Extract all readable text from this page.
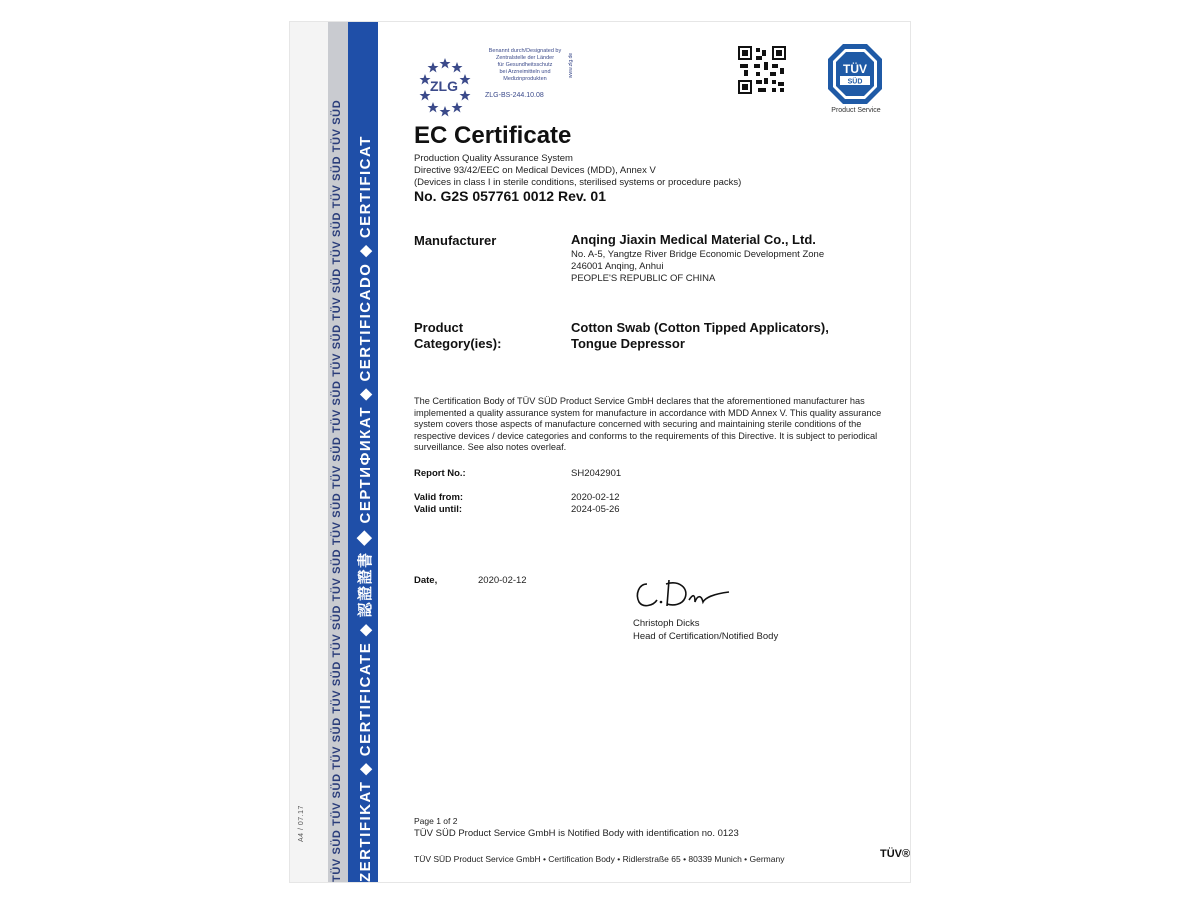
A4 / 07.17 TÜV SÜD TÜV SÜD TÜV SÜD TÜV SÜD TÜV SÜD TÜV SÜD TÜV SÜD TÜV SÜD TÜV SÜD TÜV SÜD TÜV SÜD TÜV SÜD TÜV SÜD TÜV SÜD ZERTIFIKAT ◆ CERTIFICATE ◆ 認證證書 ◆ СЕРТИФИКАТ ◆ CERTIFICADO ◆ CERTIFICAT
ZLG
Benannt durch/Designated by
Zentralstelle der Länder
für Gesundheitsschutz
bei Arzneimitteln und
Medizinprodukten
www.zlg.de
ZLG-BS-244.10.08
TÜV
SÜD
Product Service
EC Certificate
Production Quality Assurance System
Directive 93/42/EEC on Medical Devices (MDD), Annex V
(Devices in class I in sterile conditions, sterilised systems or procedure packs)
No. G2S 057761 0012 Rev. 01
Manufacturer	Anqing Jiaxin Medical Material Co., Ltd.
No. A-5, Yangtze River Bridge Economic Development Zone
246001 Anqing, Anhui
PEOPLE'S REPUBLIC OF CHINA
Product
Category(ies):
Cotton Swab (Cotton Tipped Applicators),
Tongue Depressor
The Certification Body of TÜV SÜD Product Service GmbH declares that the aforementioned manufacturer has implemented a quality assurance system for manufacture in accordance with MDD Annex V. This quality assurance system covers those aspects of manufacture concerned with securing and maintaining sterile conditions of the respective devices / device categories and conforms to the requirements of this Directive. It is subject to periodical surveillance. See also notes overleaf.
Report No.:	SH2042901
Valid from:	2020-02-12
Valid until:	2024-05-26
Date,	2020-02-12
Christoph Dicks
Head of Certification/Notified Body
Page 1 of 2
TÜV SÜD Product Service GmbH is Notified Body with identification no. 0123
TÜV SÜD Product Service GmbH • Certification Body • Ridlerstraße 65 • 80339 Munich • Germany	TÜV®
